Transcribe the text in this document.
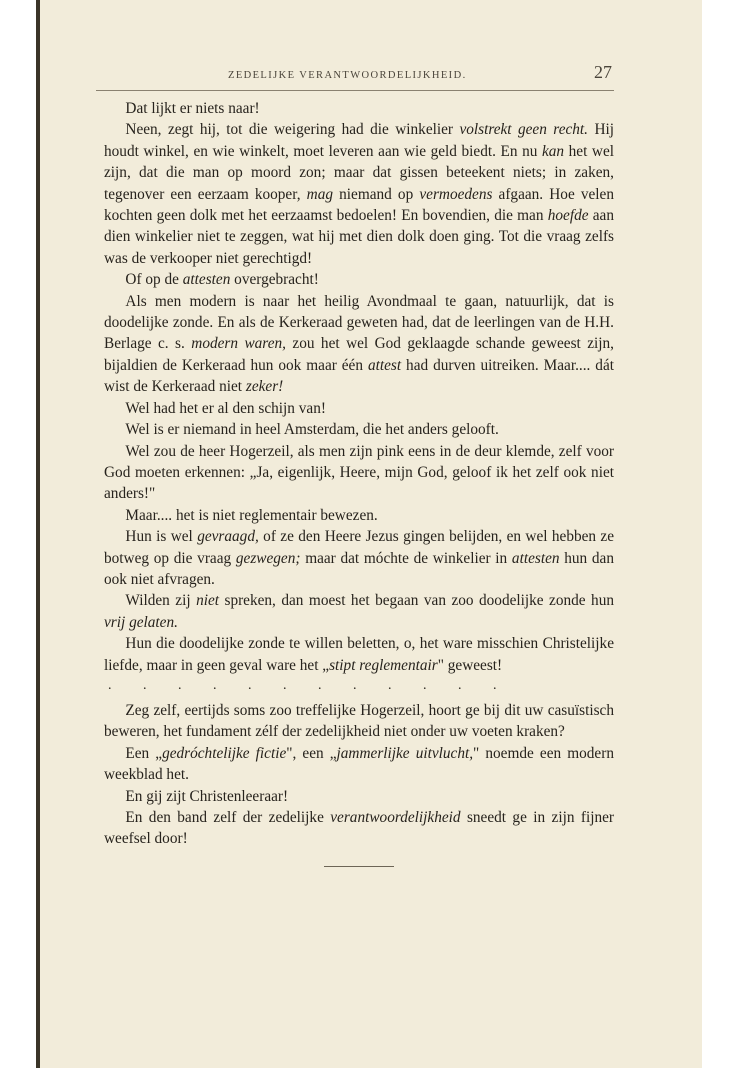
ZEDELIJKE VERANTWOORDELIJKHEID.	27

Dat lijkt er niets naar!

Neen, zegt hij, tot die weigering had die winkelier volstrekt geen recht. Hij houdt winkel, en wie winkelt, moet leveren aan wie geld biedt. En nu kan het wel zijn, dat die man op moord zon; maar dat gissen beteekent niets; in zaken, tegenover een eerzaam kooper, mag niemand op vermoedens afgaan. Hoe velen kochten geen dolk met het eerzaamst bedoelen! En bovendien, die man hoefde aan dien winkelier niet te zeggen, wat hij met dien dolk doen ging. Tot die vraag zelfs was de verkooper niet gerechtigd!

Of op de attesten overgebracht!

Als men modern is naar het heilig Avondmaal te gaan, natuurlijk, dat is doodelijke zonde. En als de Kerkeraad geweten had, dat de leerlingen van de H.H. Berlage c. s. modern waren, zou het wel God geklaagde schande geweest zijn, bijaldien de Kerkeraad hun ook maar één attest had durven uitreiken. Maar.... dát wist de Kerkeraad niet zeker!

Wel had het er al den schijn van!

Wel is er niemand in heel Amsterdam, die het anders gelooft.

Wel zou de heer Hogerzeil, als men zijn pink eens in de deur klemde, zelf voor God moeten erkennen: „Ja, eigenlijk, Heere, mijn God, geloof ik het zelf ook niet anders!"

Maar.... het is niet reglementair bewezen.

Hun is wel gevraagd, of ze den Heere Jezus gingen belijden, en wel hebben ze botweg op die vraag gezwegen; maar dat móchte de winkelier in attesten hun dan ook niet afvragen.

Wilden zij niet spreken, dan moest het begaan van zoo doodelijke zonde hun vrij gelaten.

Hun die doodelijke zonde te willen beletten, o, het ware misschien Christelijke liefde, maar in geen geval ware het „stipt reglementair" geweest!

. . . . . . . . . . . .

Zeg zelf, eertijds soms zoo treffelijke Hogerzeil, hoort ge bij dit uw casuïstisch beweren, het fundament zélf der zedelijkheid niet onder uw voeten kraken?

Een „gedróchtelijke fictie", een „jammerlijke uitvlucht," noemde een modern weekblad het.

En gij zijt Christenleeraar!

En den band zelf der zedelijke verantwoordelijkheid sneedt ge in zijn fijner weefsel door!
